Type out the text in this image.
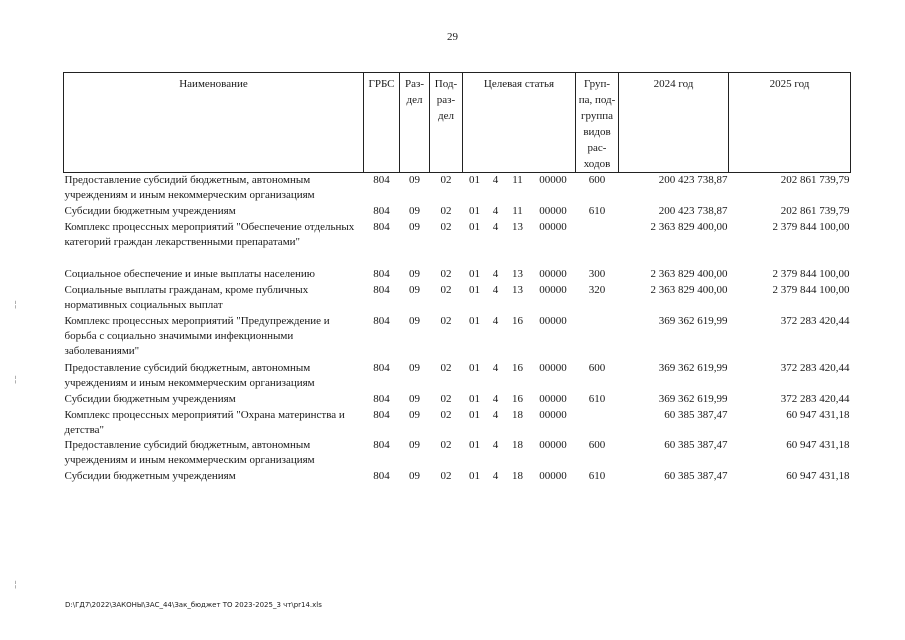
29
Наименование	ГРБС	Раз- дел	Под- раз- дел	Целевая статья				Груп- па, под- группа видов рас- ходов	2024 год	2025 год
Предоставление субсидий бюджетным, автономным учреждениям и иным некоммерческим организациям	804	09	02	01	4	11	00000	600	200 423 738,87	202 861 739,79
Субсидии бюджетным учреждениям	804	09	02	01	4	11	00000	610	200 423 738,87	202 861 739,79
Комплекс процессных мероприятий "Обеспечение отдельных категорий граждан лекарственными препаратами"	804	09	02	01	4	13	00000		2 363 829 400,00	2 379 844 100,00
Социальное обеспечение и иные выплаты населению	804	09	02	01	4	13	00000	300	2 363 829 400,00	2 379 844 100,00
Социальные выплаты гражданам, кроме публичных нормативных социальных выплат	804	09	02	01	4	13	00000	320	2 363 829 400,00	2 379 844 100,00
Комплекс процессных мероприятий "Предупреждение и борьба с социально значимыми инфекционными заболеваниями"	804	09	02	01	4	16	00000		369 362 619,99	372 283 420,44
Предоставление субсидий бюджетным, автономным учреждениям и иным некоммерческим организациям	804	09	02	01	4	16	00000	600	369 362 619,99	372 283 420,44
Субсидии бюджетным учреждениям	804	09	02	01	4	16	00000	610	369 362 619,99	372 283 420,44
Комплекс процессных мероприятий "Охрана материнства и детства"	804	09	02	01	4	18	00000		60 385 387,47	60 947 431,18
Предоставление субсидий бюджетным, автономным учреждениям и иным некоммерческим организациям	804	09	02	01	4	18	00000	600	60 385 387,47	60 947 431,18
Субсидии бюджетным учреждениям	804	09	02	01	4	18	00000	610	60 385 387,47	60 947 431,18
D:\ГД7\2022\ЗАКОНЫ\ЗАС_44\Зак_бюджет ТО 2023-2025_3 чт\pr14.xls
¦
¦
¦
